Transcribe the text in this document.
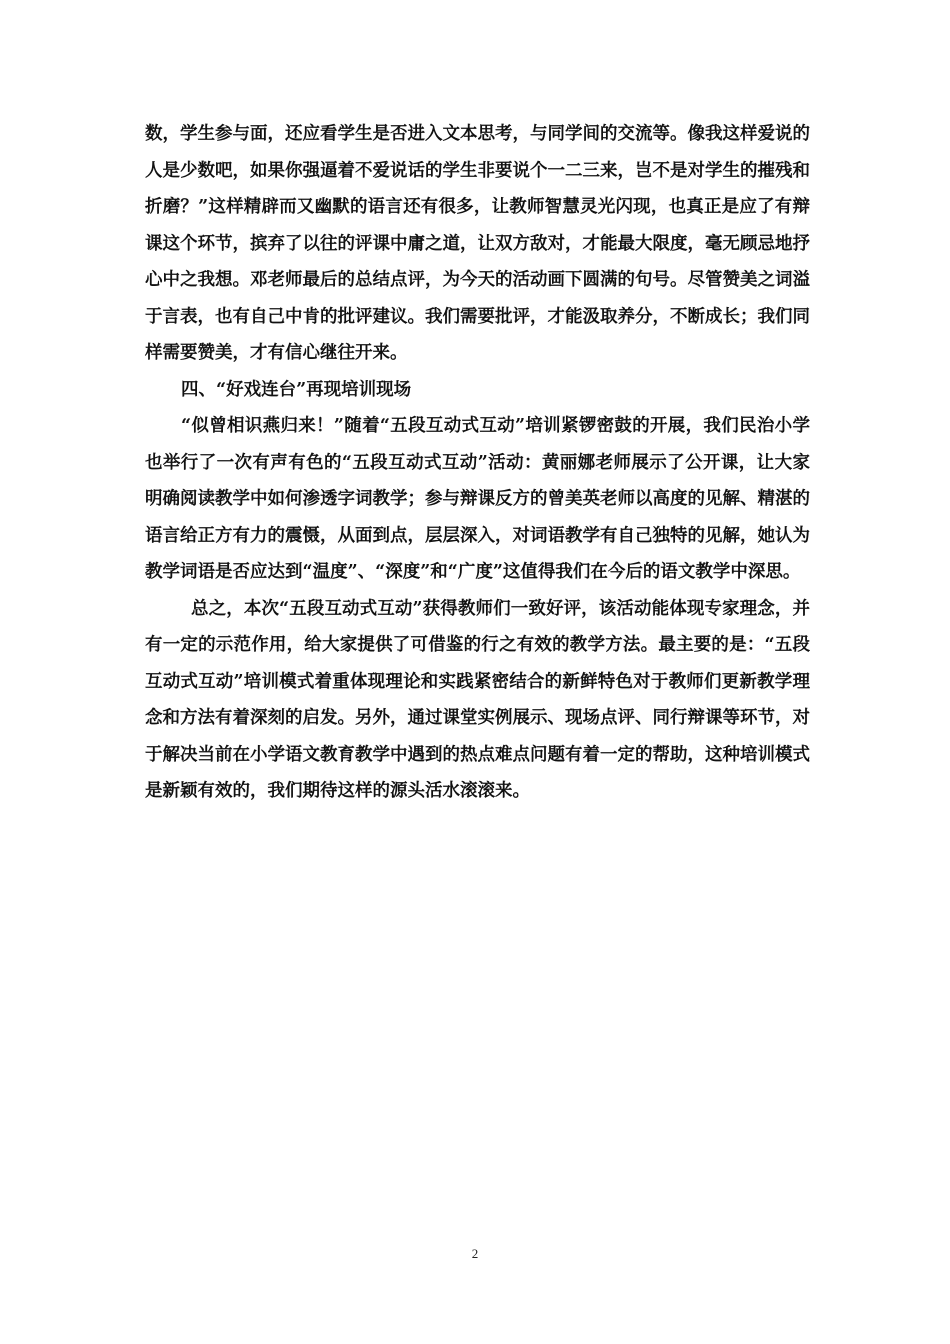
数，学生参与面，还应看学生是否进入文本思考，与同学间的交流等。像我这样爱说的人是少数吧，如果你强逼着不爱说话的学生非要说个一二三来，岂不是对学生的摧残和折磨？”这样精辟而又幽默的语言还有很多，让教师智慧灵光闪现，也真正是应了有辩课这个环节，摈弃了以往的评课中庸之道，让双方敌对，才能最大限度，毫无顾忌地抒心中之我想。邓老师最后的总结点评，为今天的活动画下圆满的句号。尽管赞美之词溢于言表，也有自己中肯的批评建议。我们需要批评，才能汲取养分，不断成长；我们同样需要赞美，才有信心继往开来。

四、“好戏连台”再现培训现场

“似曾相识燕归来！”随着“五段互动式互动”培训紧锣密鼓的开展，我们民治小学也举行了一次有声有色的“五段互动式互动”活动：黄丽娜老师展示了公开课，让大家明确阅读教学中如何渗透字词教学；参与辩课反方的曾美英老师以高度的见解、精湛的语言给正方有力的震慑，从面到点，层层深入，对词语教学有自己独特的见解，她认为教学词语是否应达到“温度”、“深度”和“广度”这值得我们在今后的语文教学中深思。

总之，本次“五段互动式互动”获得教师们一致好评，该活动能体现专家理念，并有一定的示范作用，给大家提供了可借鉴的行之有效的教学方法。最主要的是：“五段互动式互动”培训模式着重体现理论和实践紧密结合的新鲜特色对于教师们更新教学理念和方法有着深刻的启发。另外，通过课堂实例展示、现场点评、同行辩课等环节，对于解决当前在小学语文教育教学中遇到的热点难点问题有着一定的帮助，这种培训模式是新颖有效的，我们期待这样的源头活水滚滚来。

2
